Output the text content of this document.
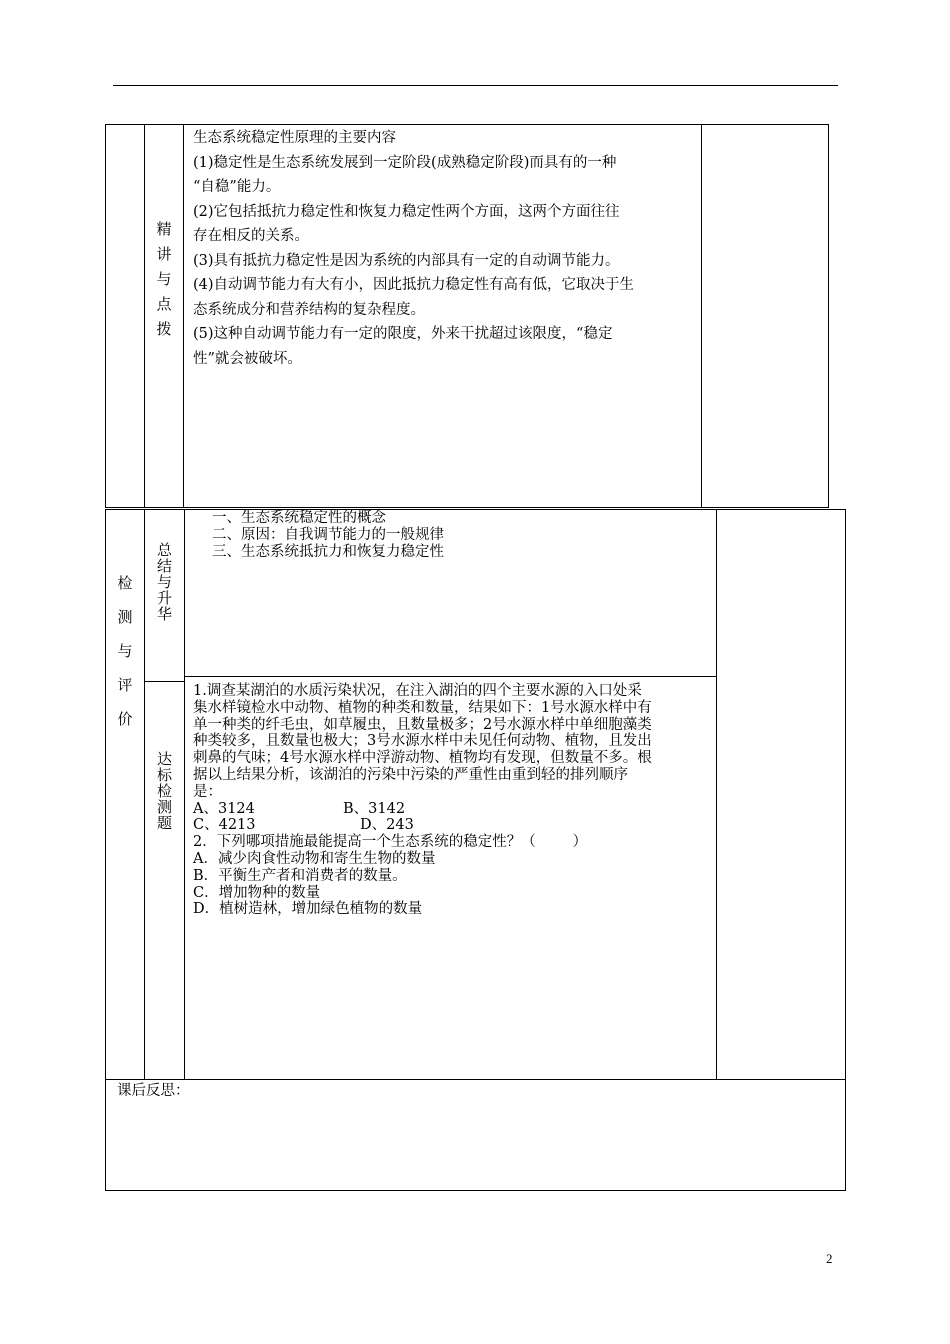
精
讲
与
点
拨

生态系统稳定性原理的主要内容

(1)稳定性是生态系统发展到一定阶段(成熟稳定阶段)而具有的一种

“自稳”能力。

(2)它包括抵抗力稳定性和恢复力稳定性两个方面，这两个方面往往

存在相反的关系。

(3)具有抵抗力稳定性是因为系统的内部具有一定的自动调节能力。

(4)自动调节能力有大有小，因此抵抗力稳定性有高有低，它取决于生

态系统成分和营养结构的复杂程度。

(5)这种自动调节能力有一定的限度，外来干扰超过该限度，“稳定

性”就会被破坏。

检
测
与
评
价
总
结
与
升
华

一、生态系统稳定性的概念

二、原因：自我调节能力的一般规律

三、生态系统抵抗力和恢复力稳定性

达
标
检
测
题

1.调查某湖泊的水质污染状况，在注入湖泊的四个主要水源的入口处采

集水样镜检水中动物、植物的种类和数量，结果如下：1号水源水样中有

单一种类的纤毛虫，如草履虫，且数量极多；2号水源水样中单细胞藻类

种类较多，且数量也极大；3号水源水样中未见任何动物、植物，且发出

刺鼻的气味；4号水源水样中浮游动物、植物均有发现，但数量不多。根

据以上结果分析，该湖泊的污染中污染的严重性由重到轻的排列顺序

是：

A、3124	B、3142

C、4213	D、243

2．下列哪项措施最能提高一个生态系统的稳定性？（        ）

A．减少肉食性动物和寄生生物的数量

B．平衡生产者和消费者的数量。

C．增加物种的数量

D．植树造林，增加绿色植物的数量

课后反思：
2
